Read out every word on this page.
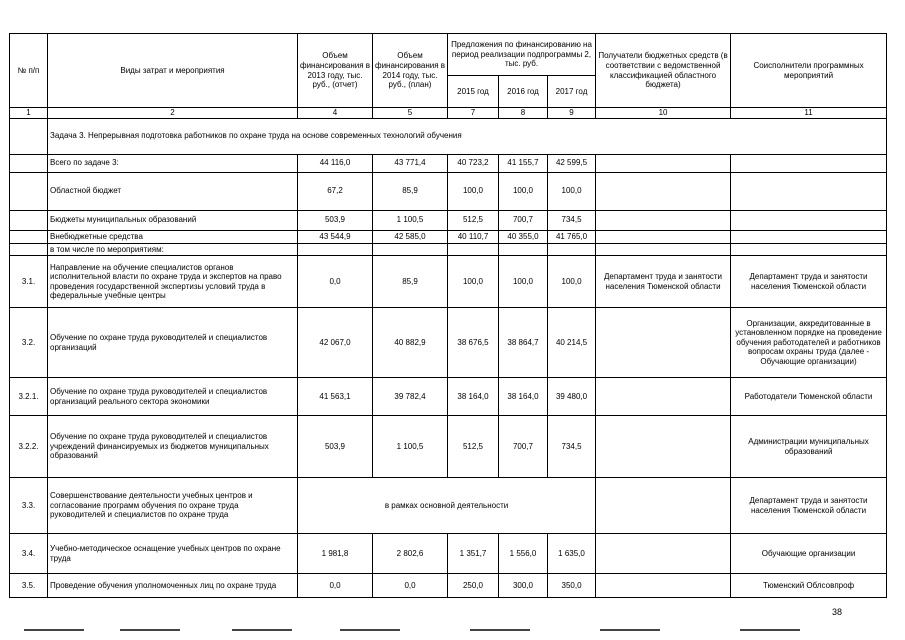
№ п/п	Виды затрат и мероприятия	Объем финансирования в 2013 году, тыс. руб., (отчет)	Объем финансирования в 2014 году, тыс. руб., (план)	Предложения по финансированию на период реализации подпрограммы 2, тыс. руб.			Получатели бюджетных средств (в соответствии с ведомственной классификацией областного бюджета)	Соисполнители программных мероприятий
				2015 год	2016 год	2017 год		
1	2	4	5	7	8	9	10	11
	Задача 3. Непрерывная подготовка работников по охране труда на основе современных технологий обучения							
	Всего по задаче 3:	44 116,0	43 771,4	40 723,2	41 155,7	42 599,5		
	Областной бюджет	67,2	85,9	100,0	100,0	100,0		
	Бюджеты муниципальных образований	503,9	1 100,5	512,5	700,7	734,5		
	Внебюджетные средства	43 544,9	42 585,0	40 110,7	40 355,0	41 765,0		
	в том числе по мероприятиям:							
3.1.	Направление на обучение специалистов органов исполнительной власти по охране труда и экспертов на право проведения государственной экспертизы условий труда в федеральные учебные центры	0,0	85,9	100,0	100,0	100,0	Департамент труда и занятости населения Тюменской области	Департамент труда и занятости населения Тюменской области
3.2.	Обучение по охране труда руководителей и специалистов организаций	42 067,0	40 882,9	38 676,5	38 864,7	40 214,5		Организации, аккредитованные в установленном порядке на проведение обучения работодателей и работников вопросам охраны труда (далее - Обучающие организации)
3.2.1.	Обучение по охране труда руководителей и специалистов организаций реального сектора экономики	41 563,1	39 782,4	38 164,0	38 164,0	39 480,0		Работодатели Тюменской области
3.2.2.	Обучение по охране труда руководителей и специалистов учреждений финансируемых из бюджетов муниципальных образований	503,9	1 100,5	512,5	700,7	734,5		Администрации муниципальных образований
3.3.	Совершенствование деятельности учебных центров и согласование программ обучения по охране труда руководителей и специалистов по охране труда	в рамках основной деятельности						Департамент труда и занятости населения Тюменской области
3.4.	Учебно-методическое оснащение учебных центров по охране труда	1 981,8	2 802,6	1 351,7	1 556,0	1 635,0		Обучающие организации
3.5.	Проведение обучения уполномоченных лиц по охране труда	0,0	0,0	250,0	300,0	350,0		Тюменский Облсовпроф
38
